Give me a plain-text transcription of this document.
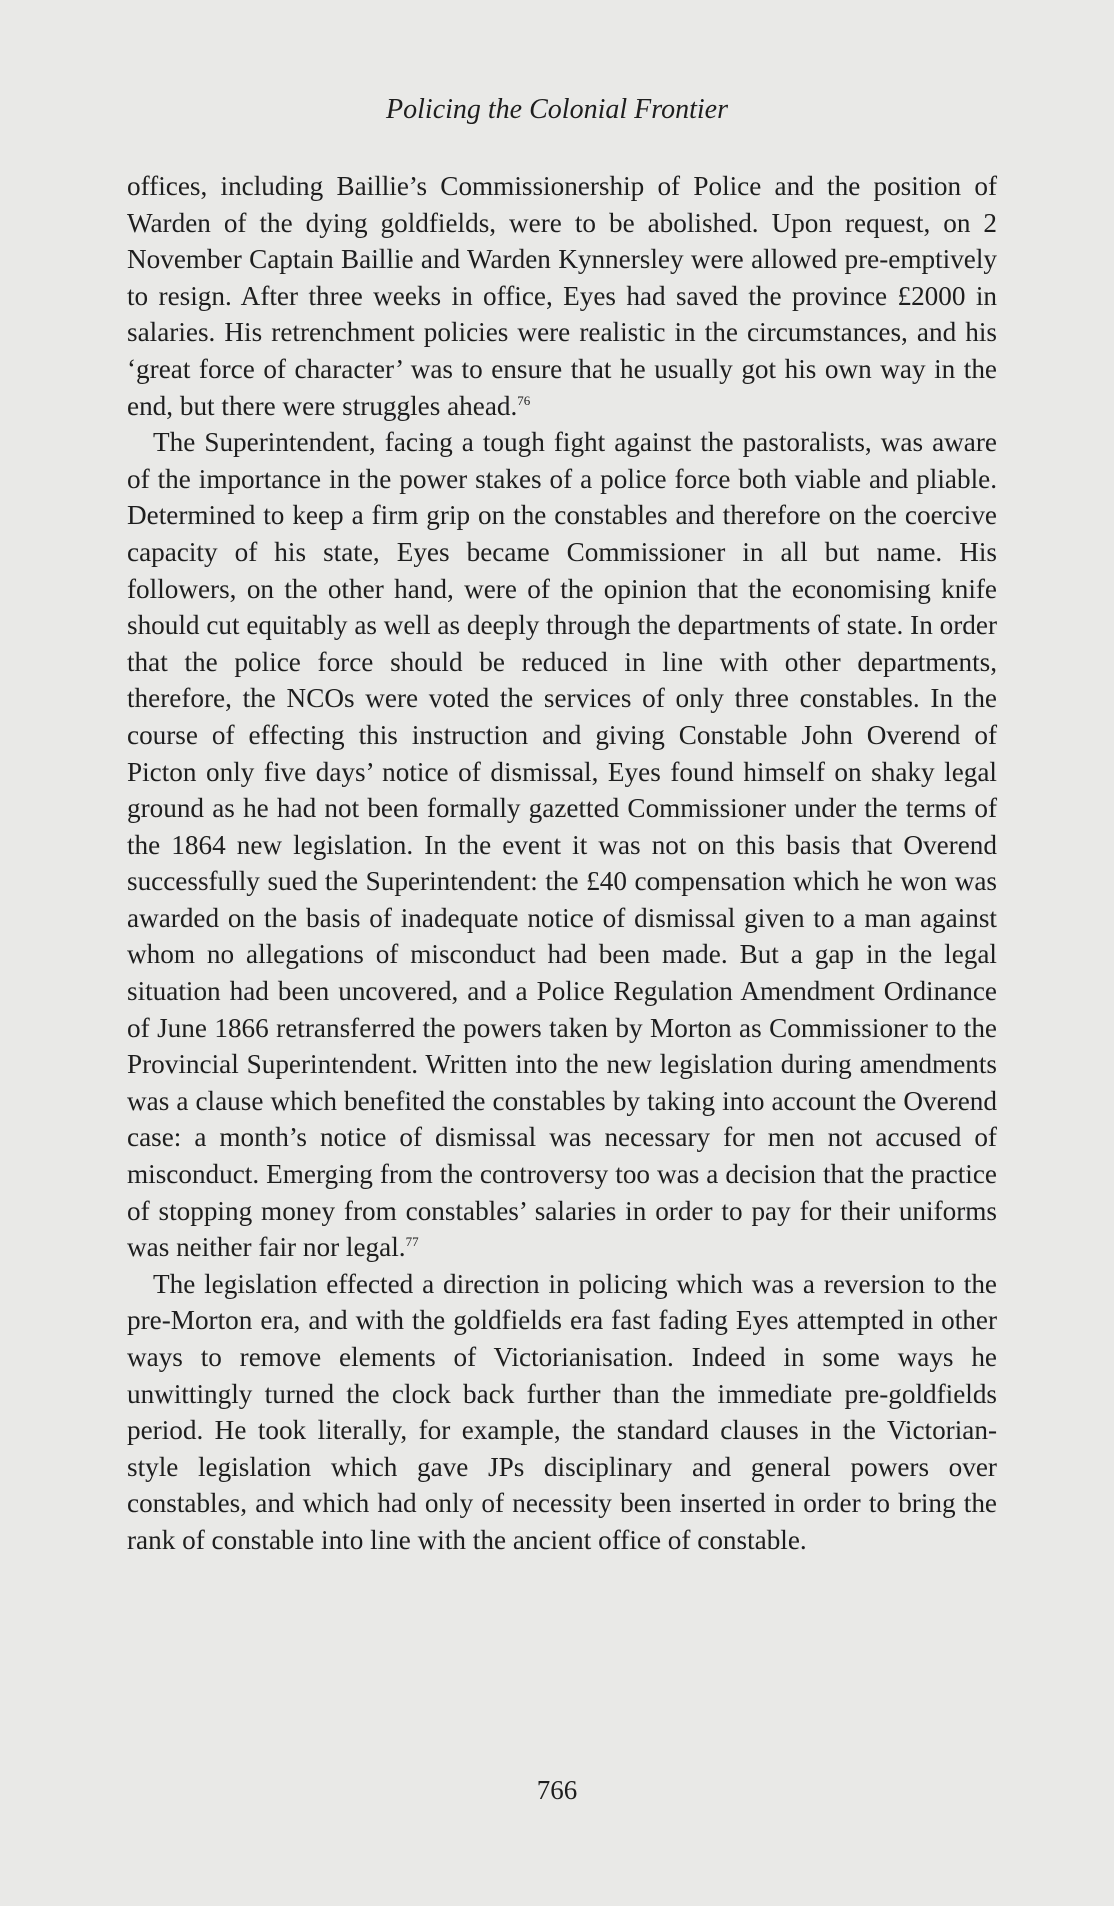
Policing the Colonial Frontier

offices, including Baillie’s Commissionership of Police and the position of Warden of the dying goldfields, were to be abolished. Upon request, on 2 November Captain Baillie and Warden Kynnersley were allowed pre-emptively to resign. After three weeks in office, Eyes had saved the province £2000 in salaries. His retrenchment policies were realistic in the circumstances, and his ‘great force of character’ was to ensure that he usually got his own way in the end, but there were struggles ahead.$^{76}$

The Superintendent, facing a tough fight against the pastoralists, was aware of the importance in the power stakes of a police force both viable and pliable. Determined to keep a firm grip on the constables and therefore on the coercive capacity of his state, Eyes became Commissioner in all but name. His followers, on the other hand, were of the opinion that the economising knife should cut equitably as well as deeply through the departments of state. In order that the police force should be reduced in line with other departments, therefore, the NCOs were voted the services of only three constables. In the course of effecting this instruction and giving Constable John Overend of Picton only five days’ notice of dismissal, Eyes found himself on shaky legal ground as he had not been formally gazetted Commissioner under the terms of the 1864 new legislation. In the event it was not on this basis that Overend successfully sued the Superintendent: the £40 compensation which he won was awarded on the basis of inadequate notice of dismissal given to a man against whom no allegations of misconduct had been made. But a gap in the legal situation had been uncovered, and a Police Regulation Amendment Ordinance of June 1866 retransferred the powers taken by Morton as Commissioner to the Provincial Superintendent. Written into the new legislation during amendments was a clause which benefited the constables by taking into account the Overend case: a month’s notice of dismissal was necessary for men not accused of misconduct. Emerging from the controversy too was a decision that the practice of stopping money from constables’ salaries in order to pay for their uniforms was neither fair nor legal.$^{77}$

The legislation effected a direction in policing which was a reversion to the pre-Morton era, and with the goldfields era fast fading Eyes attempted in other ways to remove elements of Victorianisation. Indeed in some ways he unwittingly turned the clock back further than the immediate pre-goldfields period. He took literally, for example, the standard clauses in the Victorian-style legislation which gave JPs disciplinary and general powers over constables, and which had only of necessity been inserted in order to bring the rank of constable into line with the ancient office of constable.

766
